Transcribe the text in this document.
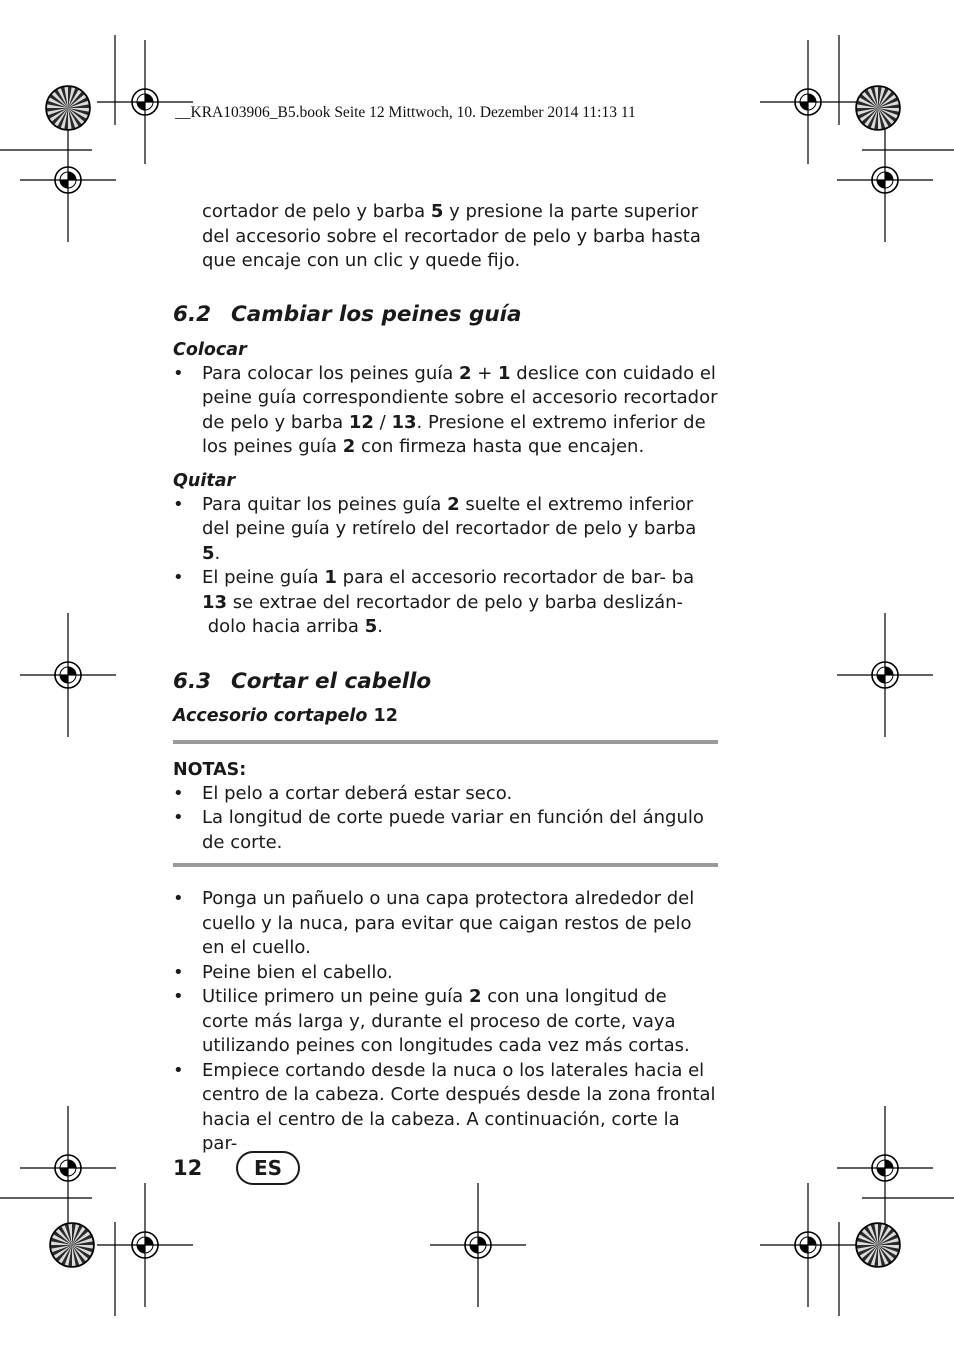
__KRA103906_B5.book Seite 12 Mittwoch, 10. Dezember 2014 11:13 11

cortador de pelo y barba 5 y presione la parte superior del accesorio sobre el recortador de pelo y barba hasta que encaje con un clic y quede fijo.

6.2 Cambiar los peines guía

Colocar

• Para colocar los peines guía 2 + 1 deslice con cuidado el peine guía correspondiente sobre el accesorio recortador de pelo y barba 12 / 13. Presione el extremo inferior de los peines guía 2 con firmeza hasta que encajen.

Quitar

• Para quitar los peines guía 2 suelte el extremo inferior del peine guía y retírelo del recortador de pelo y barba 5.
• El peine guía 1 para el accesorio recortador de bar- ba 13 se extrae del recortador de pelo y barba deslizán- dolo hacia arriba 5.
6.3 Cortar el cabello

Accesorio cortapelo 12

NOTAS:

• El pelo a cortar deberá estar seco.
• La longitud de corte puede variar en función del ángulo de corte.
• Ponga un pañuelo o una capa protectora alrededor del cuello y la nuca, para evitar que caigan restos de pelo en el cuello.
• Peine bien el cabello.
• Utilice primero un peine guía 2 con una longitud de corte más larga y, durante el proceso de corte, vaya utilizando peines con longitudes cada vez más cortas.
• Empiece cortando desde la nuca o los laterales hacia el centro de la cabeza. Corte después desde la zona frontal hacia el centro de la cabeza. A continuación, corte la par-
12	ES
